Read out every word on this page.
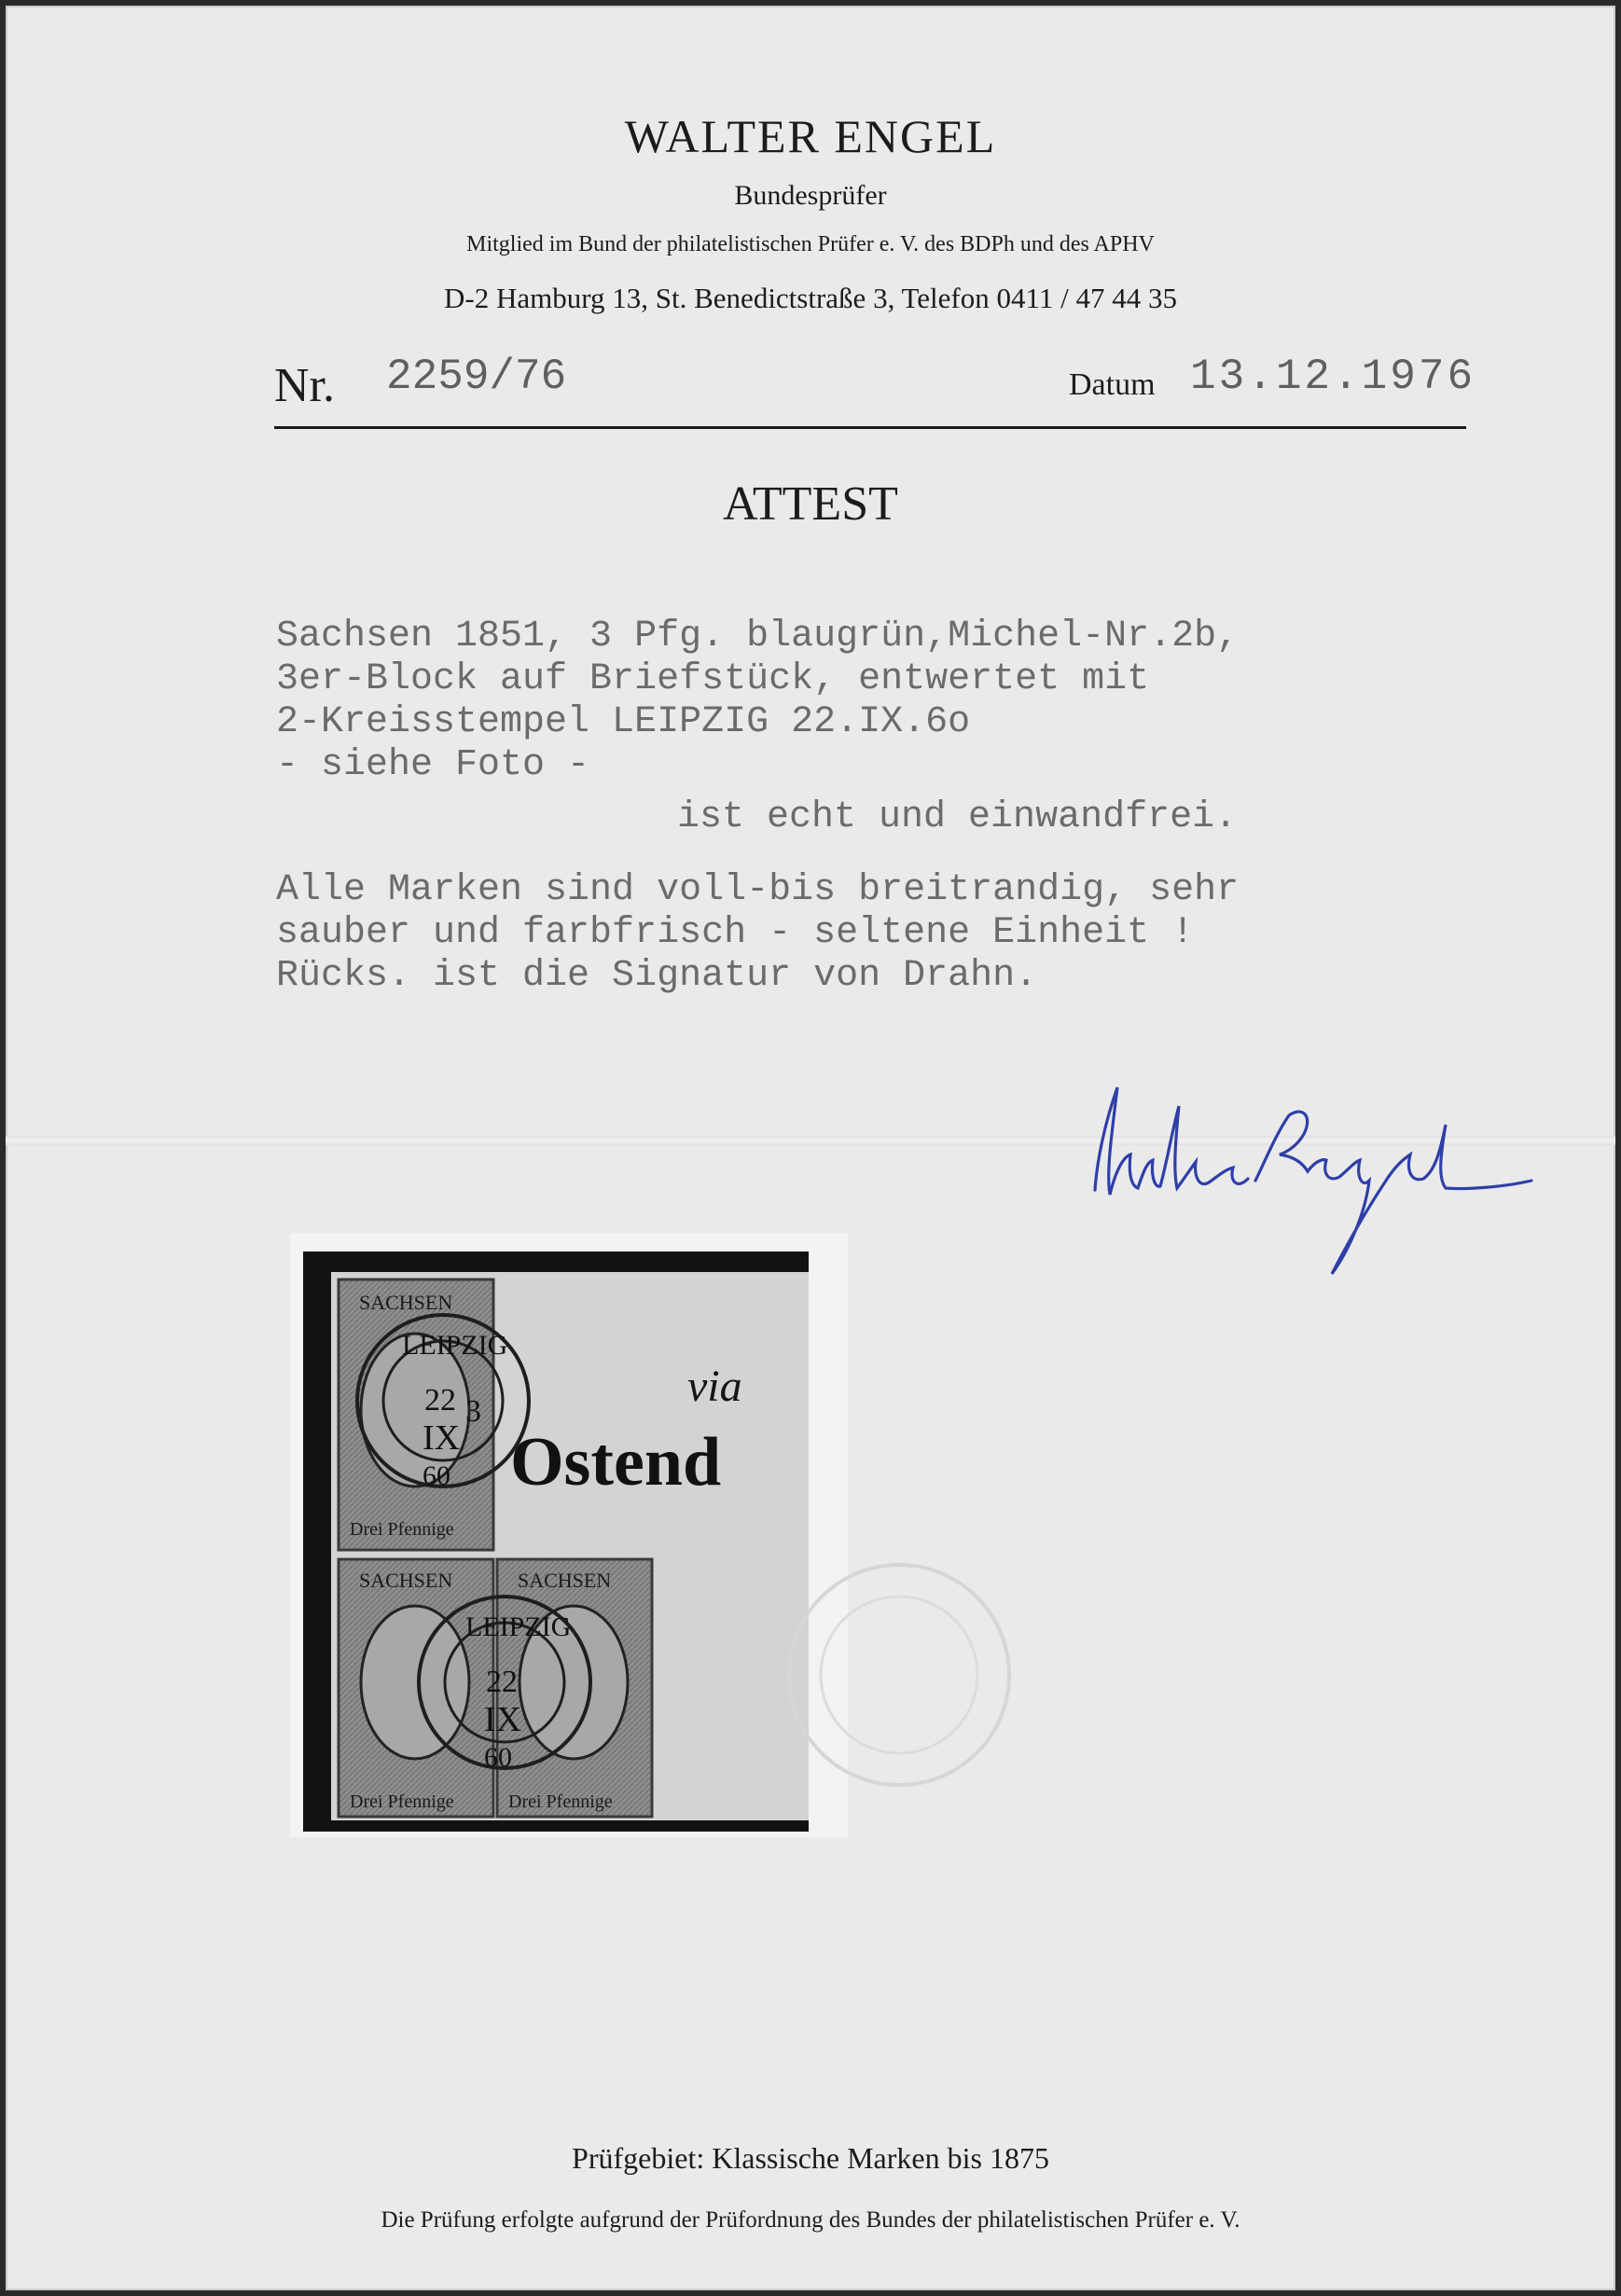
WALTER ENGEL
Bundesprüfer
Mitglied im Bund der philatelistischen Prüfer e. V. des BDPh und des APHV
D-2 Hamburg 13, St. Benedictstraße 3, Telefon 0411 / 47 44 35
Nr. 2259/76	Datum 13.12.1976
ATTEST
Sachsen 1851, 3 Pfg. blaugrün,Michel-Nr.2b,
3er-Block auf Briefstück, entwertet mit
2-Kreisstempel LEIPZIG 22.IX.6o
- siehe Foto -
ist echt und einwandfrei.
Alle Marken sind voll-bis breitrandig, sehr
sauber und farbfrisch - seltene Einheit !
Rücks. ist die Signatur von Drahn.
SACHSEN
3
Drei Pfennige
SACHSEN
Drei Pfennige
SACHSEN
Drei Pfennige
via
Ostend
LEIPZIG
22
IX
60
LEIPZIG
22
IX
60
Prüfgebiet: Klassische Marken bis 1875
Die Prüfung erfolgte aufgrund der Prüfordnung des Bundes der philatelistischen Prüfer e. V.
